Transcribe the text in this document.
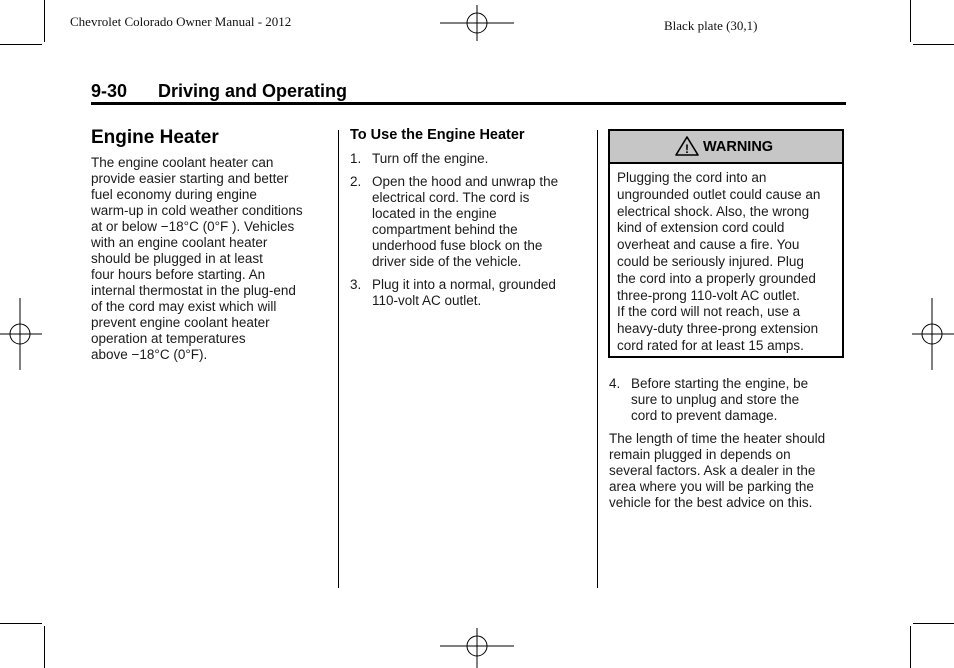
Chevrolet Colorado Owner Manual - 2012	Black plate (30,1)
9-30 Driving and Operating
Engine Heater
The engine coolant heater can
provide easier starting and better
fuel economy during engine
warm-up in cold weather conditions
at or below −18°C (0°F ). Vehicles
with an engine coolant heater
should be plugged in at least
four hours before starting. An
internal thermostat in the plug-end
of the cord may exist which will
prevent engine coolant heater
operation at temperatures
above −18°C (0°F).
To Use the Engine Heater
1. Turn off the engine.
2. Open the hood and unwrap the
electrical cord. The cord is
located in the engine
compartment behind the
underhood fuse block on the
driver side of the vehicle.
3. Plug it into a normal, grounded
110-volt AC outlet.
! WARNING
Plugging the cord into an
ungrounded outlet could cause an
electrical shock. Also, the wrong
kind of extension cord could
overheat and cause a fire. You
could be seriously injured. Plug
the cord into a properly grounded
three-prong 110-volt AC outlet.
If the cord will not reach, use a
heavy-duty three-prong extension
cord rated for at least 15 amps.
4. Before starting the engine, be
sure to unplug and store the
cord to prevent damage.
The length of time the heater should
remain plugged in depends on
several factors. Ask a dealer in the
area where you will be parking the
vehicle for the best advice on this.
